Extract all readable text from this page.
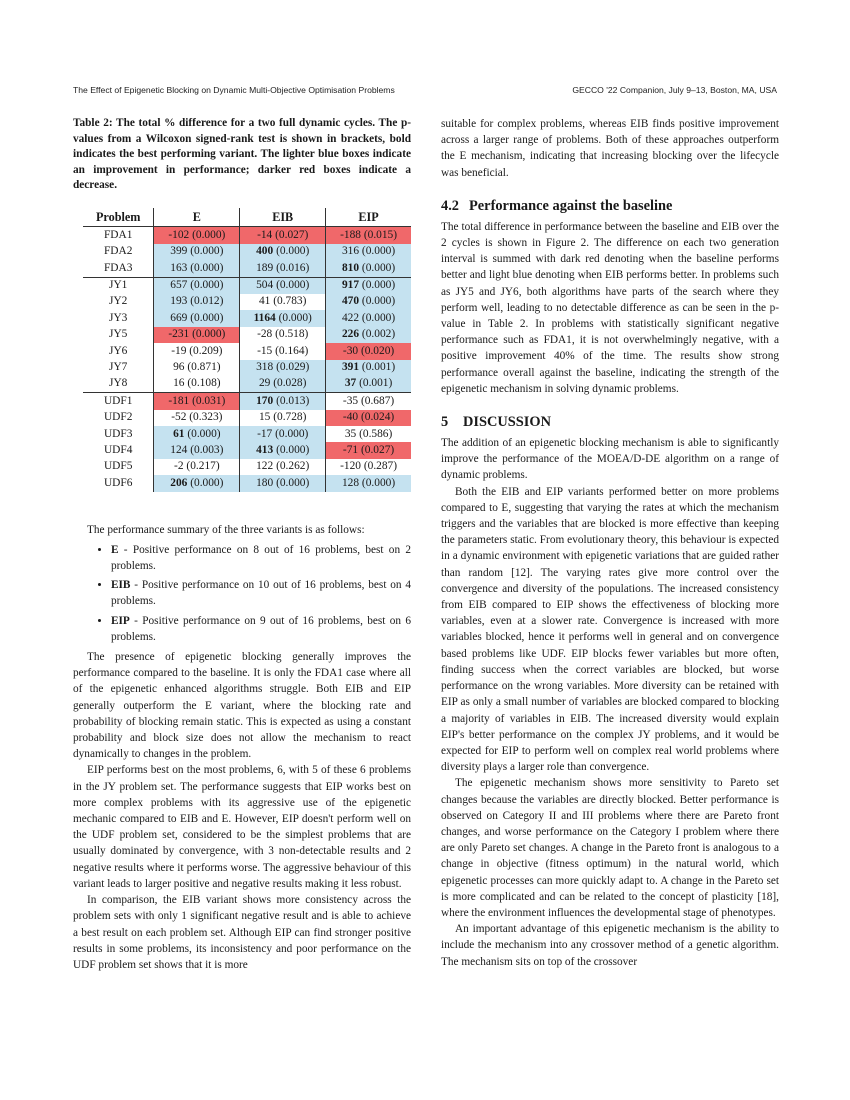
The Effect of Epigenetic Blocking on Dynamic Multi-Objective Optimisation Problems	GECCO '22 Companion, July 9–13, Boston, MA, USA

Table 2: The total % difference for a two full dynamic cycles. The p-values from a Wilcoxon signed-rank test is shown in brackets, bold indicates the best performing variant. The lighter blue boxes indicate an improvement in performance; darker red boxes indicate a decrease.

Problem	E	EIB	EIP
FDA1	-102 (0.000)	-14 (0.027)	-188 (0.015)
FDA2	399 (0.000)	400 (0.000)	316 (0.000)
FDA3	163 (0.000)	189 (0.016)	810 (0.000)
JY1	657 (0.000)	504 (0.000)	917 (0.000)
JY2	193 (0.012)	41 (0.783)	470 (0.000)
JY3	669 (0.000)	1164 (0.000)	422 (0.000)
JY5	-231 (0.000)	-28 (0.518)	226 (0.002)
JY6	-19 (0.209)	-15 (0.164)	-30 (0.020)
JY7	96 (0.871)	318 (0.029)	391 (0.001)
JY8	16 (0.108)	29 (0.028)	37 (0.001)
UDF1	-181 (0.031)	170 (0.013)	-35 (0.687)
UDF2	-52 (0.323)	15 (0.728)	-40 (0.024)
UDF3	61 (0.000)	-17 (0.000)	35 (0.586)
UDF4	124 (0.003)	413 (0.000)	-71 (0.027)
UDF5	-2 (0.217)	122 (0.262)	-120 (0.287)
UDF6	206 (0.000)	180 (0.000)	128 (0.000)

The performance summary of the three variants is as follows:

• E - Positive performance on 8 out of 16 problems, best on 2 problems.
• EIB - Positive performance on 10 out of 16 problems, best on 4 problems.
• EIP - Positive performance on 9 out of 16 problems, best on 6 problems.

The presence of epigenetic blocking generally improves the performance compared to the baseline. It is only the FDA1 case where all of the epigenetic enhanced algorithms struggle. Both EIB and EIP generally outperform the E variant, where the blocking rate and probability of blocking remain static. This is expected as using a constant probability and block size does not allow the mechanism to react dynamically to changes in the problem.

EIP performs best on the most problems, 6, with 5 of these 6 problems in the JY problem set. The performance suggests that EIP works best on more complex problems with its aggressive use of the epigenetic mechanic compared to EIB and E. However, EIP doesn't perform well on the UDF problem set, considered to be the simplest problems that are usually dominated by convergence, with 3 non-detectable results and 2 negative results where it performs worse. The aggressive behaviour of this variant leads to larger positive and negative results making it less robust.

In comparison, the EIB variant shows more consistency across the problem sets with only 1 significant negative result and is able to achieve a best result on each problem set. Although EIP can find stronger positive results in some problems, its inconsistency and poor performance on the UDF problem set shows that it is more

suitable for complex problems, whereas EIB finds positive improvement across a larger range of problems. Both of these approaches outperform the E mechanism, indicating that increasing blocking over the lifecycle was beneficial.

4.2 Performance against the baseline

The total difference in performance between the baseline and EIB over the 2 cycles is shown in Figure 2. The difference on each two generation interval is summed with dark red denoting when the baseline performs better and light blue denoting when EIB performs better. In problems such as JY5 and JY6, both algorithms have parts of the search where they perform well, leading to no detectable difference as can be seen in the p-value in Table 2. In problems with statistically significant negative performance such as FDA1, it is not overwhelmingly negative, with a positive improvement 40% of the time. The results show strong performance overall against the baseline, indicating the strength of the epigenetic mechanism in solving dynamic problems.

5 DISCUSSION

The addition of an epigenetic blocking mechanism is able to significantly improve the performance of the MOEA/D-DE algorithm on a range of dynamic problems.

Both the EIB and EIP variants performed better on more problems compared to E, suggesting that varying the rates at which the mechanism triggers and the variables that are blocked is more effective than keeping the parameters static. From evolutionary theory, this behaviour is expected in a dynamic environment with epigenetic variations that are guided rather than random [12]. The varying rates give more control over the convergence and diversity of the populations. The increased consistency from EIB compared to EIP shows the effectiveness of blocking more variables, even at a slower rate. Convergence is increased with more variables blocked, hence it performs well in general and on convergence based problems like UDF. EIP blocks fewer variables but more often, finding success when the correct variables are blocked, but worse performance on the wrong variables. More diversity can be retained with EIP as only a small number of variables are blocked compared to blocking a majority of variables in EIB. The increased diversity would explain EIP's better performance on the complex JY problems, and it would be expected for EIP to perform well on complex real world problems where diversity plays a larger role than convergence.

The epigenetic mechanism shows more sensitivity to Pareto set changes because the variables are directly blocked. Better performance is observed on Category II and III problems where there are Pareto front changes, and worse performance on the Category I problem where there are only Pareto set changes. A change in the Pareto front is analogous to a change in objective (fitness optimum) in the natural world, which epigenetic processes can more quickly adapt to. A change in the Pareto set is more complicated and can be related to the concept of plasticity [18], where the environment influences the developmental stage of phenotypes.

An important advantage of this epigenetic mechanism is the ability to include the mechanism into any crossover method of a genetic algorithm. The mechanism sits on top of the crossover
